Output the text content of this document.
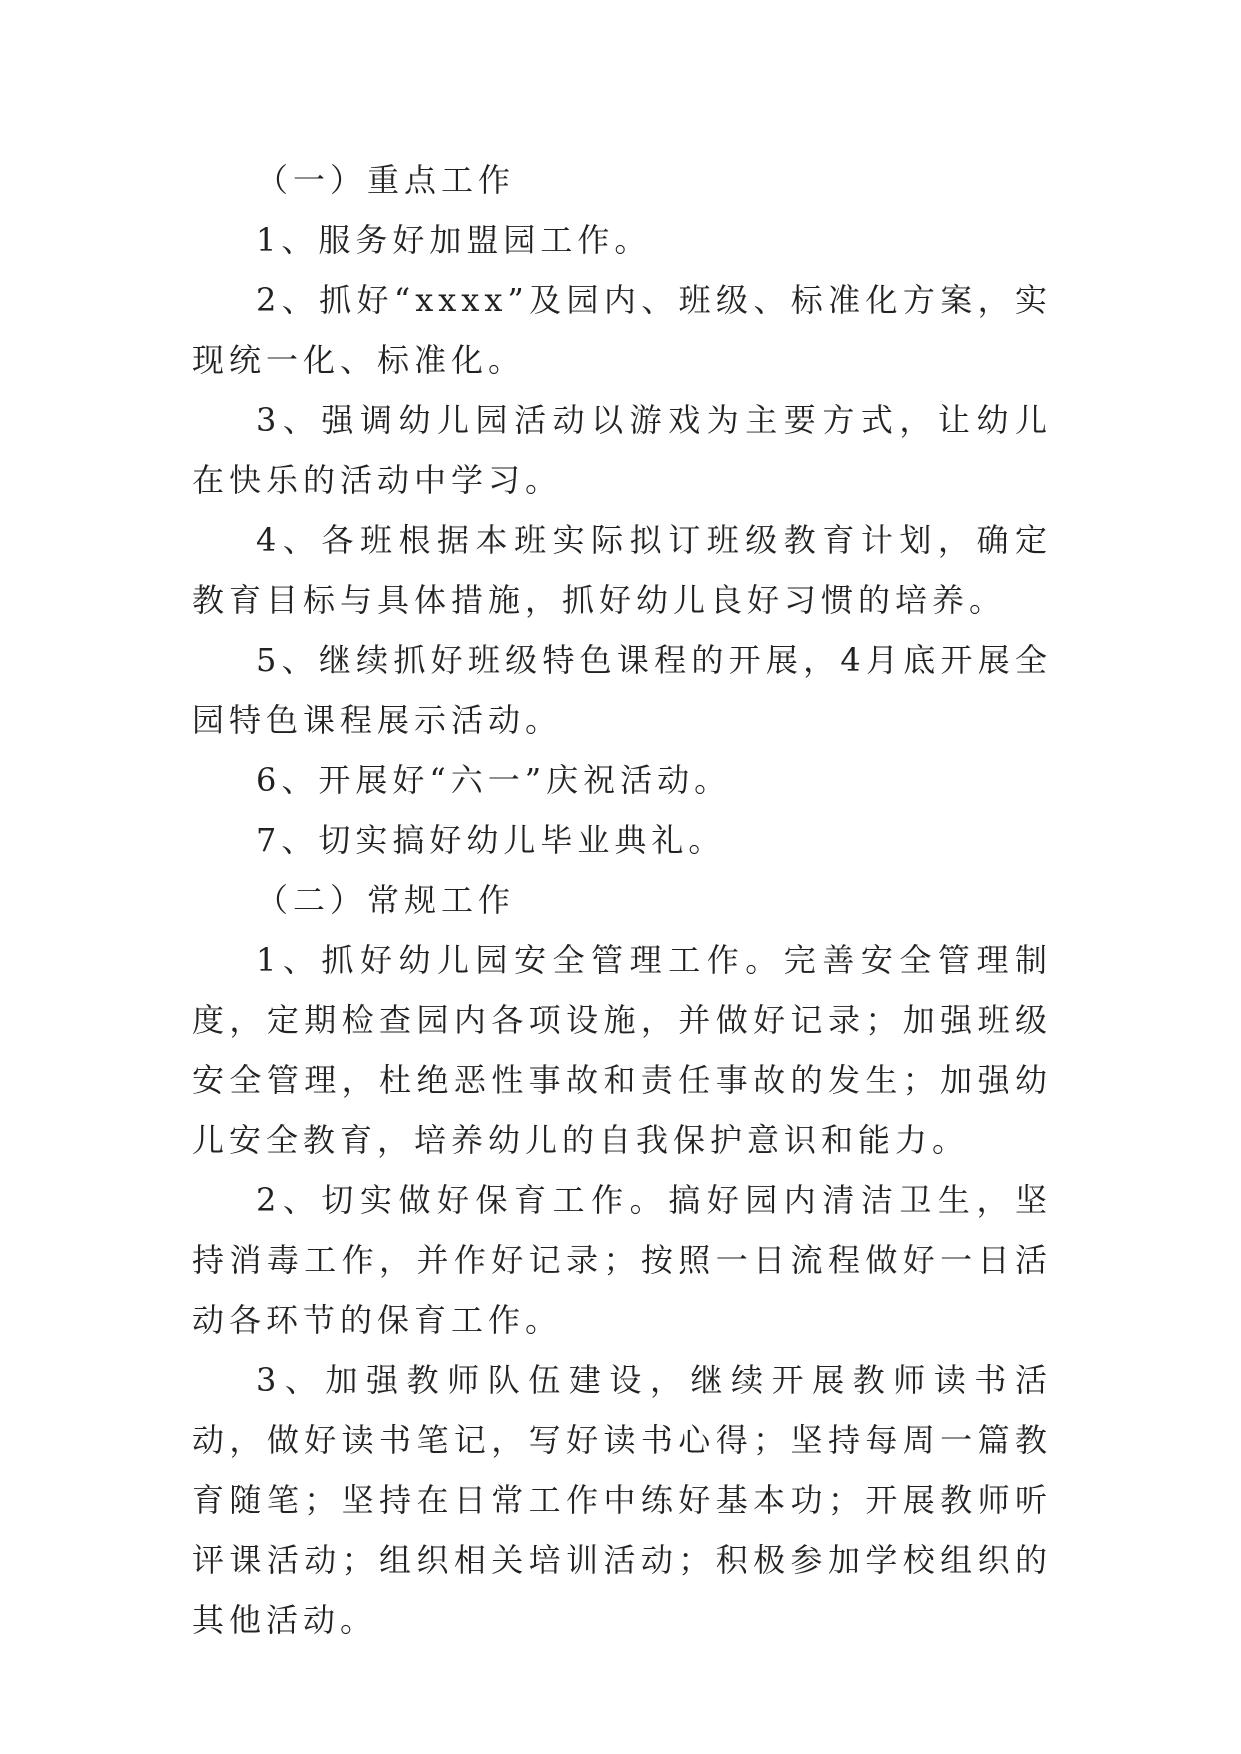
（一）重点工作

1、服务好加盟园工作。

2、抓好“xxxx”及园内、班级、标准化方案，实现统一化、标准化。

3、强调幼儿园活动以游戏为主要方式，让幼儿在快乐的活动中学习。

4、各班根据本班实际拟订班级教育计划，确定教育目标与具体措施，抓好幼儿良好习惯的培养。

5、继续抓好班级特色课程的开展，4月底开展全园特色课程展示活动。

6、开展好“六一”庆祝活动。

7、切实搞好幼儿毕业典礼。

（二）常规工作

1、抓好幼儿园安全管理工作。完善安全管理制度，定期检查园内各项设施，并做好记录；加强班级安全管理，杜绝恶性事故和责任事故的发生；加强幼儿安全教育，培养幼儿的自我保护意识和能力。

2、切实做好保育工作。搞好园内清洁卫生，坚持消毒工作，并作好记录；按照一日流程做好一日活动各环节的保育工作。

3、加强教师队伍建设，继续开展教师读书活动，做好读书笔记，写好读书心得；坚持每周一篇教育随笔；坚持在日常工作中练好基本功；开展教师听评课活动；组织相关培训活动；积极参加学校组织的其他活动。
